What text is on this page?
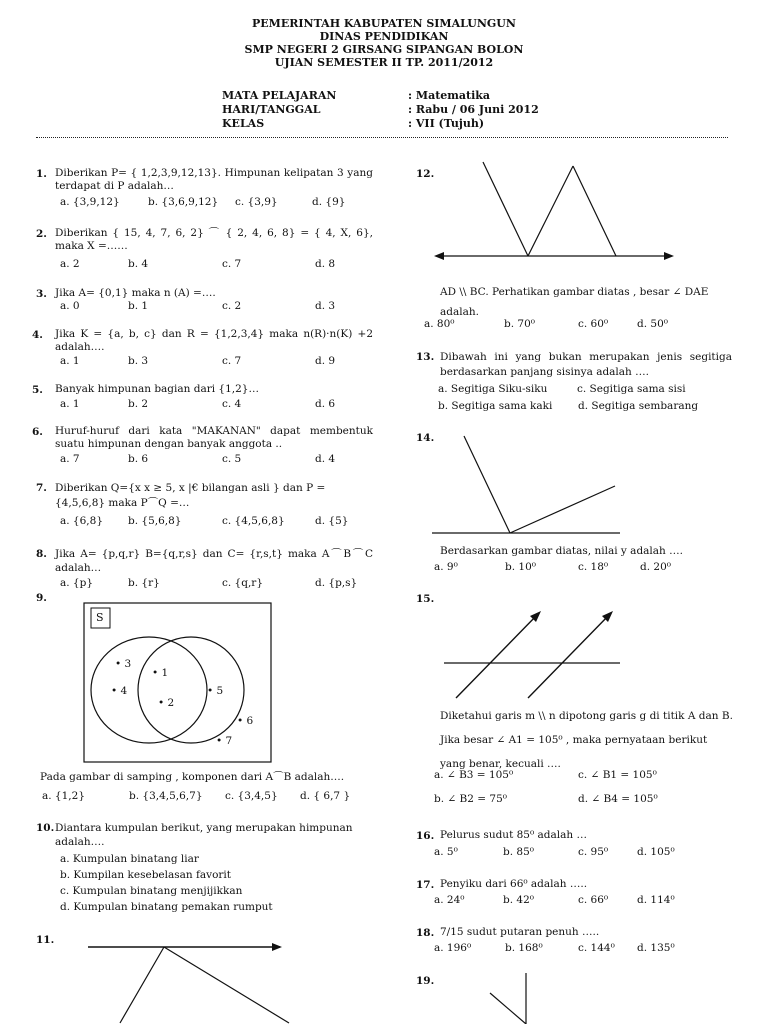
PEMERINTAH KABUPATEN SIMALUNGUN
DINAS PENDIDIKAN
SMP NEGERI 2 GIRSANG SIPANGAN BOLON
UJIAN SEMESTER II TP. 2011/2012
MATA PELAJARAN	: Matematika
HARI/TANGGAL	: Rabu / 06 Juni 2012
KELAS	: VII (Tujuh)
1. Diberikan P= { 1,2,3,9,12,13}. Himpunan kelipatan 3 yang terdapat di P adalah…
a. {3,9,12}	b. {3,6,9,12} c. {3,9}	d. {9}
2. Diberikan { 15, 4, 7, 6, 2} ⌒ { 2, 4, 6, 8} = { 4, X, 6}, maka X =……
a. 2	b. 4	c. 7	d. 8
3. Jika A= {0,1} maka n (A) =….
a. 0	b. 1	c. 2	d. 3
4. Jika K = {a, b, c} dan R = {1,2,3,4} maka n(R)·n(K) +2 adalah….
a. 1	b. 3	c. 7	d. 9
5. Banyak himpunan bagian dari {1,2}…
a. 1	b. 2	c. 4	d. 6
6. Huruf-huruf dari kata "MAKANAN" dapat membentuk suatu himpunan dengan banyak anggota ..
a. 7	b. 6	c. 5	d. 4
7. Diberikan Q={x x ≥ 5, x |€ bilangan asli } dan P = {4,5,6,8} maka P⌒Q =…
a. {6,8} b. {5,6,8}	c. {4,5,6,8}	d. {5}
8. Jika A= {p,q,r} B={q,r,s} dan C= {r,s,t} maka A⌒B⌒C adalah…
a. {p}	b. {r}	c. {q,r}	d. {p,s}
9.
S
• 3
• 4
• 1
• 2
• 5
• 6
• 7
Pada gambar di samping , komponen dari A⌒B adalah….
a. {1,2}	b. {3,4,5,6,7} c. {3,4,5} d. { 6,7 }
10. Diantara kumpulan berikut, yang merupakan himpunan adalah….
a. Kumpulan binatang liar
b. Kumpilan kesebelasan favorit
c. Kumpulan binatang menjijikkan
d. Kumpulan binatang pemakan rumput
11.
12.
AD \\ BC. Perhatikan gambar diatas , besar ∠ DAE adalah.
a. 80⁰	b. 70⁰	c. 60⁰	d. 50⁰
13. Dibawah ini yang bukan merupakan jenis segitiga berdasarkan panjang sisinya adalah ….
a. Segitiga Siku-siku	c. Segitiga sama sisi
b. Segitiga sama kaki d. Segitiga sembarang
14.
Berdasarkan gambar diatas, nilai y adalah ….
a. 9⁰	b. 10⁰	c. 18⁰	d. 20⁰
15.
Diketahui garis m \\ n dipotong garis g di titik A dan B. Jika besar ∠ A1 = 105⁰ , maka pernyataan berikut yang benar, kecuali ….
a. ∠ B3 = 105⁰	c. ∠ B1 = 105⁰
b. ∠ B2 = 75⁰	d. ∠ B4 = 105⁰
16. Pelurus sudut 85⁰ adalah …
a. 5⁰	b. 85⁰	c. 95⁰	d. 105⁰
17. Penyiku dari 66⁰ adalah …..
a. 24⁰	b. 42⁰	c. 66⁰	d. 114⁰
18. 7/15 sudut putaran penuh …..
a. 196⁰	b. 168⁰	c. 144⁰ d. 135⁰
19.
